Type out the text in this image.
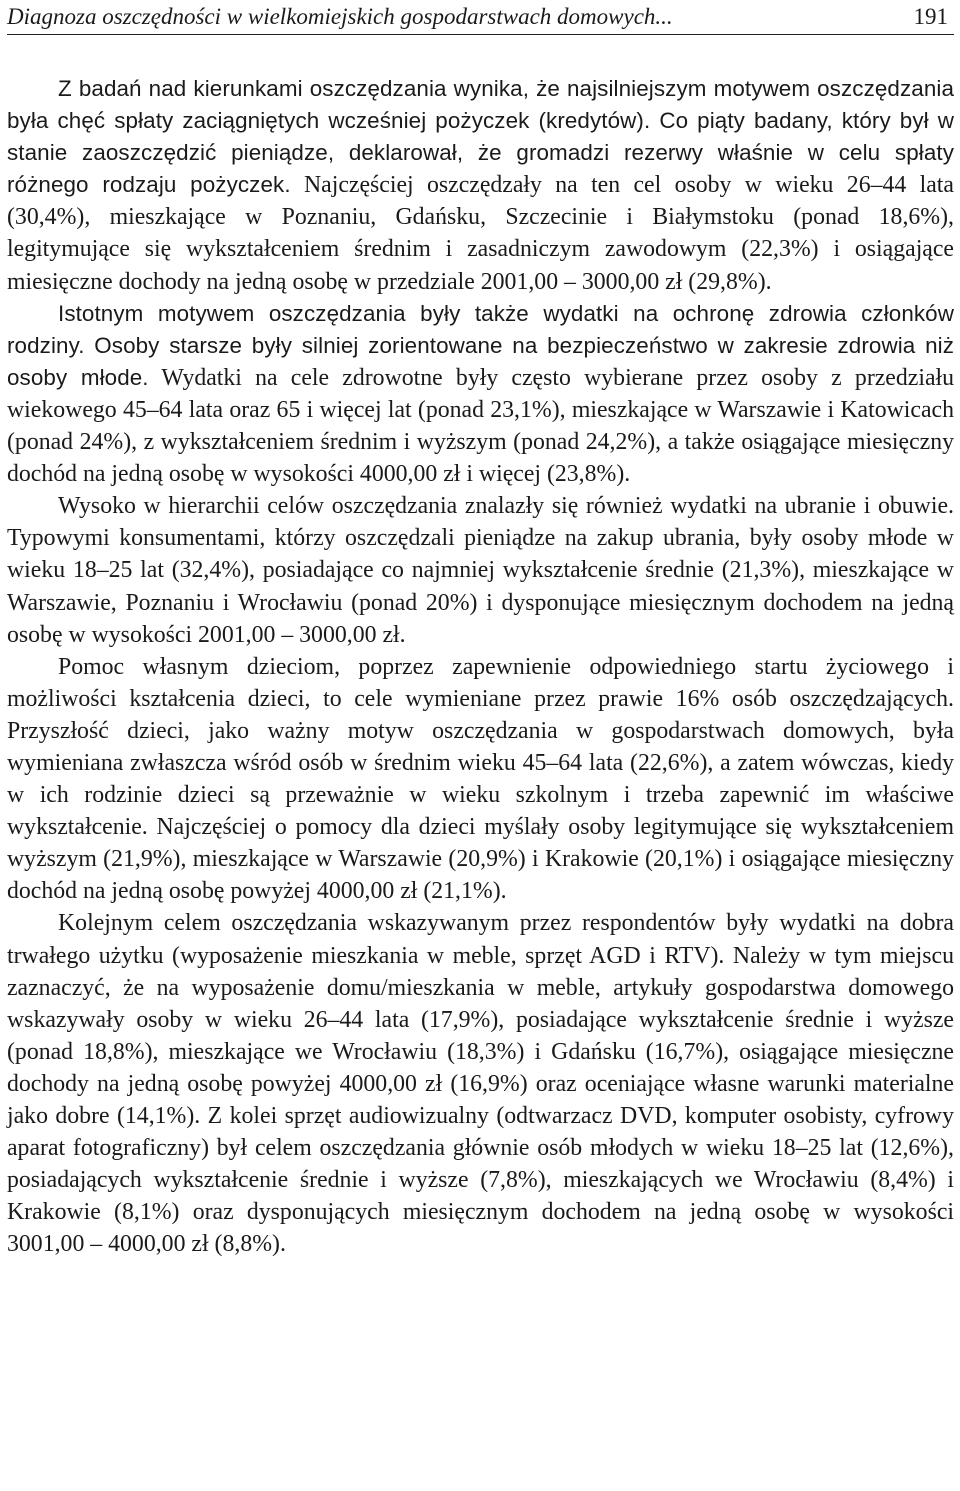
Diagnoza oszczędności w wielkomiejskich gospodarstwach domowych...	191

Z badań nad kierunkami oszczędzania wynika, że najsilniejszym motywem oszczędzania była chęć spłaty zaciągniętych wcześniej pożyczek (kredytów). Co piąty badany, który był w stanie zaoszczędzić pieniądze, deklarował, że gromadzi rezerwy właśnie w celu spłaty różnego rodzaju pożyczek. Najczęściej oszczędzały na ten cel osoby w wieku 26–44 lata (30,4%), mieszkające w Poznaniu, Gdańsku, Szczecinie i Białymstoku (ponad 18,6%), legitymujące się wykształceniem średnim i zasadniczym zawodowym (22,3%) i osiągające miesięczne dochody na jedną osobę w przedziale 2001,00 – 3000,00 zł (29,8%).

Istotnym motywem oszczędzania były także wydatki na ochronę zdrowia członków rodziny. Osoby starsze były silniej zorientowane na bezpieczeństwo w zakresie zdrowia niż osoby młode. Wydatki na cele zdrowotne były często wybierane przez osoby z przedziału wiekowego 45–64 lata oraz 65 i więcej lat (ponad 23,1%), mieszkające w Warszawie i Katowicach (ponad 24%), z wykształceniem średnim i wyższym (ponad 24,2%), a także osiągające miesięczny dochód na jedną osobę w wysokości 4000,00 zł i więcej (23,8%).

Wysoko w hierarchii celów oszczędzania znalazły się również wydatki na ubranie i obuwie. Typowymi konsumentami, którzy oszczędzali pieniądze na zakup ubrania, były osoby młode w wieku 18–25 lat (32,4%), posiadające co najmniej wykształcenie średnie (21,3%), mieszkające w Warszawie, Poznaniu i Wrocławiu (ponad 20%) i dysponujące miesięcznym dochodem na jedną osobę w wysokości 2001,00 – 3000,00 zł.

Pomoc własnym dzieciom, poprzez zapewnienie odpowiedniego startu życiowego i możliwości kształcenia dzieci, to cele wymieniane przez prawie 16% osób oszczędzających. Przyszłość dzieci, jako ważny motyw oszczędzania w gospodarstwach domowych, była wymieniana zwłaszcza wśród osób w średnim wieku 45–64 lata (22,6%), a zatem wówczas, kiedy w ich rodzinie dzieci są przeważnie w wieku szkolnym i trzeba zapewnić im właściwe wykształcenie. Najczęściej o pomocy dla dzieci myślały osoby legitymujące się wykształceniem wyższym (21,9%), mieszkające w Warszawie (20,9%) i Krakowie (20,1%) i osiągające miesięczny dochód na jedną osobę powyżej 4000,00 zł (21,1%).

Kolejnym celem oszczędzania wskazywanym przez respondentów były wydatki na dobra trwałego użytku (wyposażenie mieszkania w meble, sprzęt AGD i RTV). Należy w tym miejscu zaznaczyć, że na wyposażenie domu/mieszkania w meble, artykuły gospodarstwa domowego wskazywały osoby w wieku 26–44 lata (17,9%), posiadające wykształcenie średnie i wyższe (ponad 18,8%), mieszkające we Wrocławiu (18,3%) i Gdańsku (16,7%), osiągające miesięczne dochody na jedną osobę powyżej 4000,00 zł (16,9%) oraz oceniające własne warunki materialne jako dobre (14,1%). Z kolei sprzęt audiowizualny (odtwarzacz DVD, komputer osobisty, cyfrowy aparat fotograficzny) był celem oszczędzania głównie osób młodych w wieku 18–25 lat (12,6%), posiadających wykształcenie średnie i wyższe (7,8%), mieszkających we Wrocławiu (8,4%) i Krakowie (8,1%) oraz dysponujących miesięcznym dochodem na jedną osobę w wysokości 3001,00 – 4000,00 zł (8,8%).
